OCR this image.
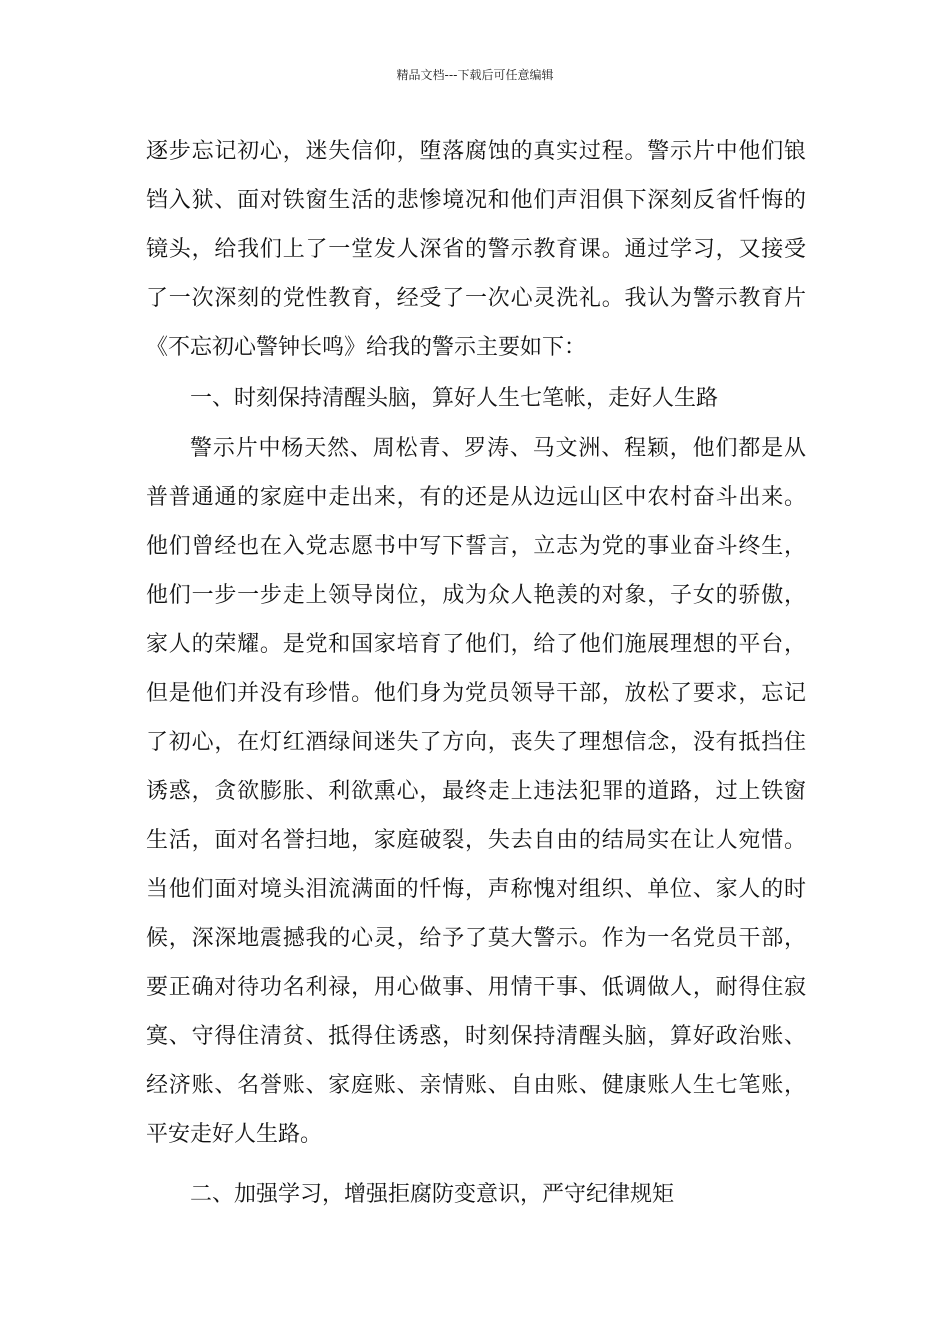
精品文档---下载后可任意编辑
逐步忘记初心，迷失信仰，堕落腐蚀的真实过程。警示片中他们锒
铛入狱、面对铁窗生活的悲惨境况和他们声泪俱下深刻反省忏悔的
镜头，给我们上了一堂发人深省的警示教育课。通过学习，又接受
了一次深刻的党性教育，经受了一次心灵洗礼。我认为警示教育片
《不忘初心警钟长鸣》给我的警示主要如下：
一、时刻保持清醒头脑，算好人生七笔帐，走好人生路
警示片中杨天然、周松青、罗涛、马文洲、程颖，他们都是从
普普通通的家庭中走出来，有的还是从边远山区中农村奋斗出来。
他们曾经也在入党志愿书中写下誓言，立志为党的事业奋斗终生，
他们一步一步走上领导岗位，成为众人艳羡的对象，子女的骄傲，
家人的荣耀。是党和国家培育了他们，给了他们施展理想的平台，
但是他们并没有珍惜。他们身为党员领导干部，放松了要求，忘记
了初心，在灯红酒绿间迷失了方向，丧失了理想信念，没有抵挡住
诱惑，贪欲膨胀、利欲熏心，最终走上违法犯罪的道路，过上铁窗
生活，面对名誉扫地，家庭破裂，失去自由的结局实在让人宛惜。
当他们面对境头泪流满面的忏悔，声称愧对组织、单位、家人的时
候，深深地震撼我的心灵，给予了莫大警示。作为一名党员干部，
要正确对待功名利禄，用心做事、用情干事、低调做人，耐得住寂
寞、守得住清贫、抵得住诱惑，时刻保持清醒头脑，算好政治账、
经济账、名誉账、家庭账、亲情账、自由账、健康账人生七笔账，
平安走好人生路。
二、加强学习，增强拒腐防变意识，严守纪律规矩
